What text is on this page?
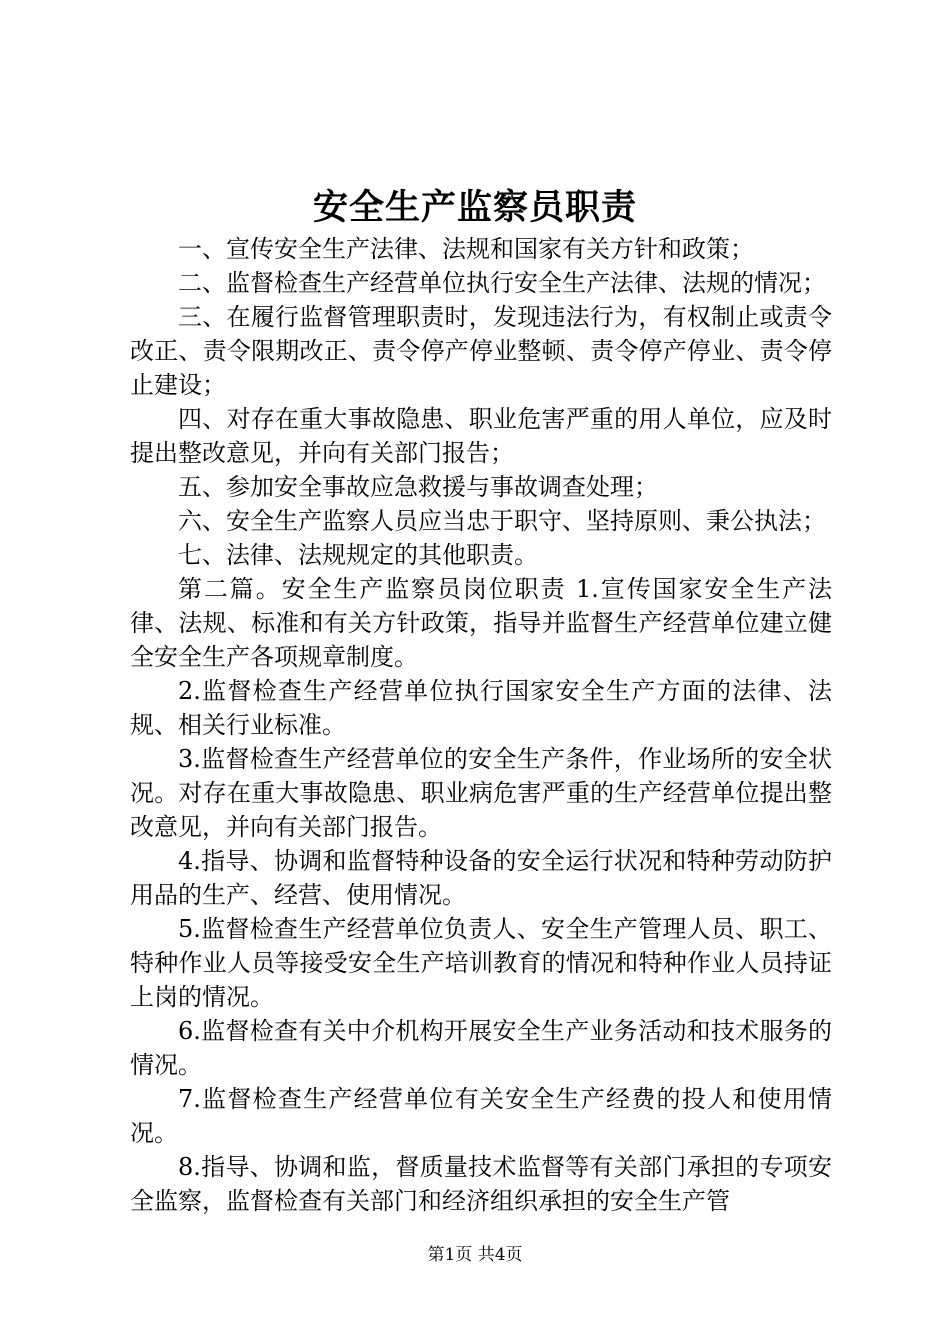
安全生产监察员职责

一、宣传安全生产法律、法规和国家有关方针和政策；

二、监督检查生产经营单位执行安全生产法律、法规的情况；

三、在履行监督管理职责时，发现违法行为，有权制止或责令改正、责令限期改正、责令停产停业整顿、责令停产停业、责令停止建设；

四、对存在重大事故隐患、职业危害严重的用人单位，应及时提出整改意见，并向有关部门报告；

五、参加安全事故应急救援与事故调查处理；

六、安全生产监察人员应当忠于职守、坚持原则、秉公执法；

七、法律、法规规定的其他职责。

第二篇。安全生产监察员岗位职责 1.宣传国家安全生产法律、法规、标准和有关方针政策，指导并监督生产经营单位建立健全安全生产各项规章制度。

2.监督检查生产经营单位执行国家安全生产方面的法律、法规、相关行业标准。

3.监督检查生产经营单位的安全生产条件，作业场所的安全状况。对存在重大事故隐患、职业病危害严重的生产经营单位提出整改意见，并向有关部门报告。

4.指导、协调和监督特种设备的安全运行状况和特种劳动防护用品的生产、经营、使用情况。

5.监督检查生产经营单位负责人、安全生产管理人员、职工、特种作业人员等接受安全生产培训教育的情况和特种作业人员持证上岗的情况。

6.监督检查有关中介机构开展安全生产业务活动和技术服务的情况。

7.监督检查生产经营单位有关安全生产经费的投人和使用情况。

8.指导、协调和监，督质量技术监督等有关部门承担的专项安全监察，监督检查有关部门和经济组织承担的安全生产管

第1页 共4页
